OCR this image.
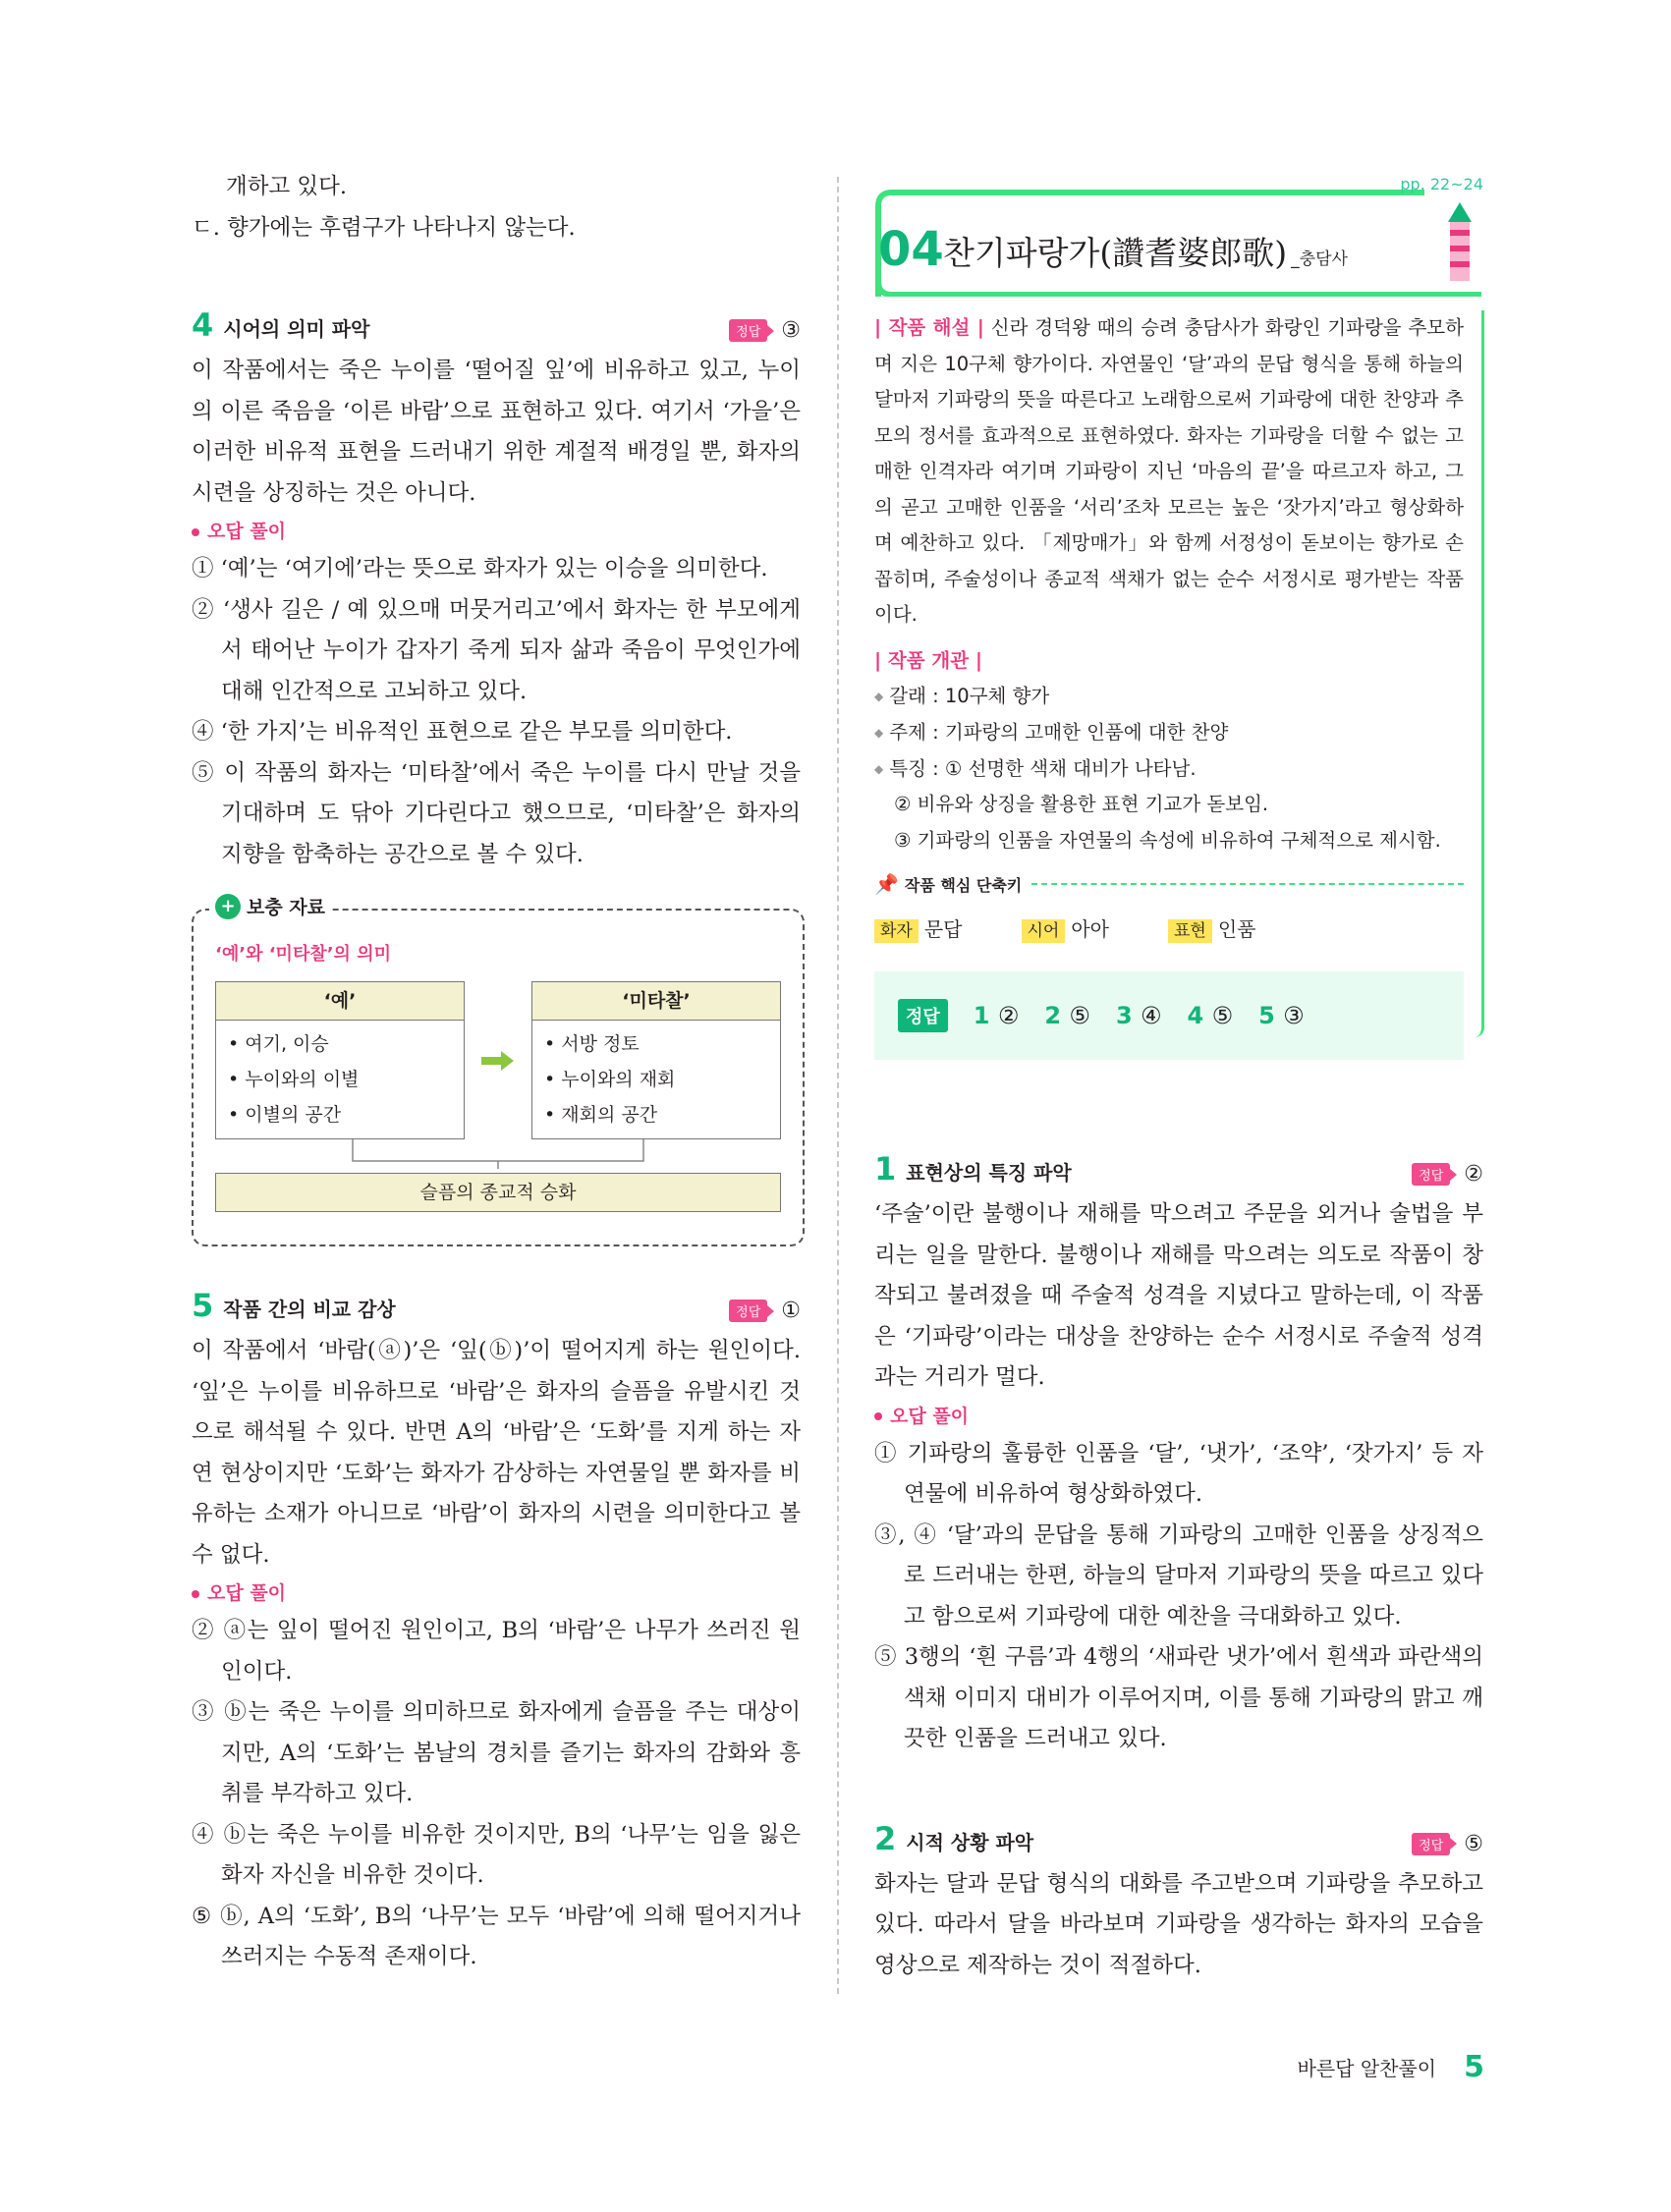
개하고 있다.

ㄷ. 향가에는 후렴구가 나타나지 않는다.

4 시어의 의미 파악	정답 ③

이 작품에서는 죽은 누이를 ‘떨어질 잎’에 비유하고 있고, 누이의 이른 죽음을 ‘이른 바람’으로 표현하고 있다. 여기서 ‘가을’은 이러한 비유적 표현을 드러내기 위한 계절적 배경일 뿐, 화자의 시련을 상징하는 것은 아니다.

오답 풀이

① ‘예’는 ‘여기에’라는 뜻으로 화자가 있는 이승을 의미한다.

② ‘생사 길은 / 예 있으매 머뭇거리고’에서 화자는 한 부모에게서 태어난 누이가 갑자기 죽게 되자 삶과 죽음이 무엇인가에 대해 인간적으로 고뇌하고 있다.

④ ‘한 가지’는 비유적인 표현으로 같은 부모를 의미한다.

⑤ 이 작품의 화자는 ‘미타찰’에서 죽은 누이를 다시 만날 것을 기대하며 도 닦아 기다린다고 했으므로, ‘미타찰’은 화자의 지향을 함축하는 공간으로 볼 수 있다.

+ 보충 자료
‘예’와 ‘미타찰’의 의미
‘예’
• 여기, 이승
• 누이와의 이별
• 이별의 공간
‘미타찰’
• 서방 정토
• 누이와의 재회
• 재회의 공간
슬픔의 종교적 승화
5 작품 간의 비교 감상	정답 ①

이 작품에서 ‘바람(ⓐ)’은 ‘잎(ⓑ)’이 떨어지게 하는 원인이다. ‘잎’은 누이를 비유하므로 ‘바람’은 화자의 슬픔을 유발시킨 것으로 해석될 수 있다. 반면 A의 ‘바람’은 ‘도화’를 지게 하는 자연 현상이지만 ‘도화’는 화자가 감상하는 자연물일 뿐 화자를 비유하는 소재가 아니므로 ‘바람’이 화자의 시련을 의미한다고 볼 수 없다.

오답 풀이

② ⓐ는 잎이 떨어진 원인이고, B의 ‘바람’은 나무가 쓰러진 원인이다.

③ ⓑ는 죽은 누이를 의미하므로 화자에게 슬픔을 주는 대상이지만, A의 ‘도화’는 봄날의 경치를 즐기는 화자의 감화와 흥취를 부각하고 있다.

④ ⓑ는 죽은 누이를 비유한 것이지만, B의 ‘나무’는 임을 잃은 화자 자신을 비유한 것이다.

⑤ ⓑ, A의 ‘도화’, B의 ‘나무’는 모두 ‘바람’에 의해 떨어지거나 쓰러지는 수동적 존재이다.

pp. 22~24
04 찬기파랑가(讚耆婆郎歌) _충담사

| 작품 해설 | 신라 경덕왕 때의 승려 충담사가 화랑인 기파랑을 추모하며 지은 10구체 향가이다. 자연물인 ‘달’과의 문답 형식을 통해 하늘의 달마저 기파랑의 뜻을 따른다고 노래함으로써 기파랑에 대한 찬양과 추모의 정서를 효과적으로 표현하였다. 화자는 기파랑을 더할 수 없는 고매한 인격자라 여기며 기파랑이 지닌 ‘마음의 끝’을 따르고자 하고, 그의 곧고 고매한 인품을 ‘서리’조차 모르는 높은 ‘잣가지’라고 형상화하며 예찬하고 있다. 「제망매가」와 함께 서정성이 돋보이는 향가로 손꼽히며, 주술성이나 종교적 색채가 없는 순수 서정시로 평가받는 작품이다.

| 작품 개관 |
◆ 갈래 : 10구체 향가
◆ 주제 : 기파랑의 고매한 인품에 대한 찬양
◆ 특징 : ① 선명한 색채 대비가 나타남.
② 비유와 상징을 활용한 표현 기교가 돋보임.
③ 기파랑의 인품을 자연물의 속성에 비유하여 구체적으로 제시함.
📌 작품 핵심 단축키
화자 문답	시어 아아	표현 인품
정답	1 ② 2 ⑤ 3 ④ 4 ⑤ 5 ③
1 표현상의 특징 파악	정답 ②

‘주술’이란 불행이나 재해를 막으려고 주문을 외거나 술법을 부리는 일을 말한다. 불행이나 재해를 막으려는 의도로 작품이 창작되고 불려졌을 때 주술적 성격을 지녔다고 말하는데, 이 작품은 ‘기파랑’이라는 대상을 찬양하는 순수 서정시로 주술적 성격과는 거리가 멀다.

오답 풀이

① 기파랑의 훌륭한 인품을 ‘달’, ‘냇가’, ‘조약’, ‘잣가지’ 등 자연물에 비유하여 형상화하였다.

③, ④ ‘달’과의 문답을 통해 기파랑의 고매한 인품을 상징적으로 드러내는 한편, 하늘의 달마저 기파랑의 뜻을 따르고 있다고 함으로써 기파랑에 대한 예찬을 극대화하고 있다.

⑤ 3행의 ‘흰 구름’과 4행의 ‘새파란 냇가’에서 흰색과 파란색의 색채 이미지 대비가 이루어지며, 이를 통해 기파랑의 맑고 깨끗한 인품을 드러내고 있다.

2 시적 상황 파악	정답 ⑤

화자는 달과 문답 형식의 대화를 주고받으며 기파랑을 추모하고 있다. 따라서 달을 바라보며 기파랑을 생각하는 화자의 모습을 영상으로 제작하는 것이 적절하다.

바른답 알찬풀이 5
